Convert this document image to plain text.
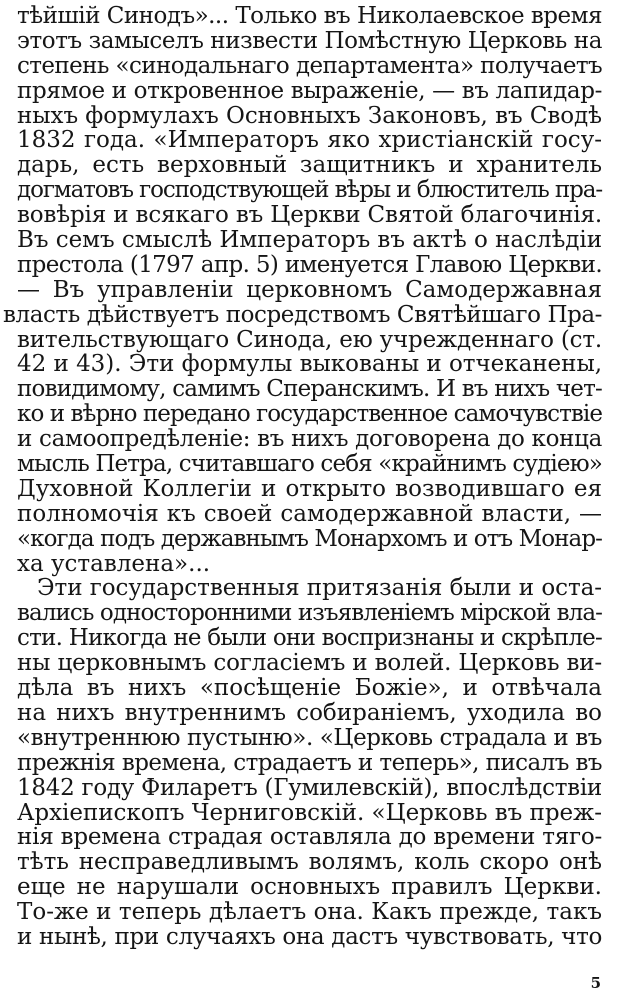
тѣйшій Синодъ»... Только въ Николаевское время
этотъ замыселъ низвести Помѣстную Церковь на
степень «синодальнаго департамента» получаетъ
прямое и откровенное выраженіе, — въ лапидар-
ныхъ формулахъ Основныхъ Законовъ, въ Сводѣ
1832 года. «Императоръ яко христіанскій госу-
дарь, есть верховный защитникъ и хранитель
догматовъ господствующей вѣры и блюститель пра-
вовѣрія и всякаго въ Церкви Святой благочинія.
Въ семъ смыслѣ Императоръ въ актѣ о наслѣдіи
престола (1797 апр. 5) именуется Главою Церкви.
— Въ управленіи церковномъ Самодержавная
власть дѣйствуетъ посредствомъ Святѣйшаго Пра-
вительствующаго Синода, ею учрежденнаго (ст.
42 и 43). Эти формулы выкованы и отчеканены,
повидимому, самимъ Сперанскимъ. И въ нихъ чет-
ко и вѣрно передано государственное самочувствіе
и самоопредѣленіе: въ нихъ договорена до конца
мысль Петра, считавшаго себя «крайнимъ судіею»
Духовной Коллегіи и открыто возводившаго ея
полномочія къ своей самодержавной власти, —
«когда подъ державнымъ Монархомъ и отъ Монар-
ха уставлена»...
Эти государственныя притязанія были и оста-
вались односторонними изъявленіемъ мірской вла-
сти. Никогда не были они воспризнаны и скрѣпле-
ны церковнымъ согласіемъ и волей. Церковь ви-
дѣла въ нихъ «посѣщеніе Божіе», и отвѣчала
на нихъ внутреннимъ собираніемъ, уходила во
«внутреннюю пустыню». «Церковь страдала и въ
прежнія времена, страдаетъ и теперь», писалъ въ
1842 году Филаретъ (Гумилевскій), впослѣдствіи
Архіепископъ Черниговскій. «Церковь въ преж-
нія времена страдая оставляла до времени тяго-
тѣть несправедливымъ волямъ, коль скоро онѣ
еще не нарушали основныхъ правилъ Церкви.
То-же и теперь дѣлаетъ она. Какъ прежде, такъ
и нынѣ, при случаяхъ она дастъ чувствовать, что
5
